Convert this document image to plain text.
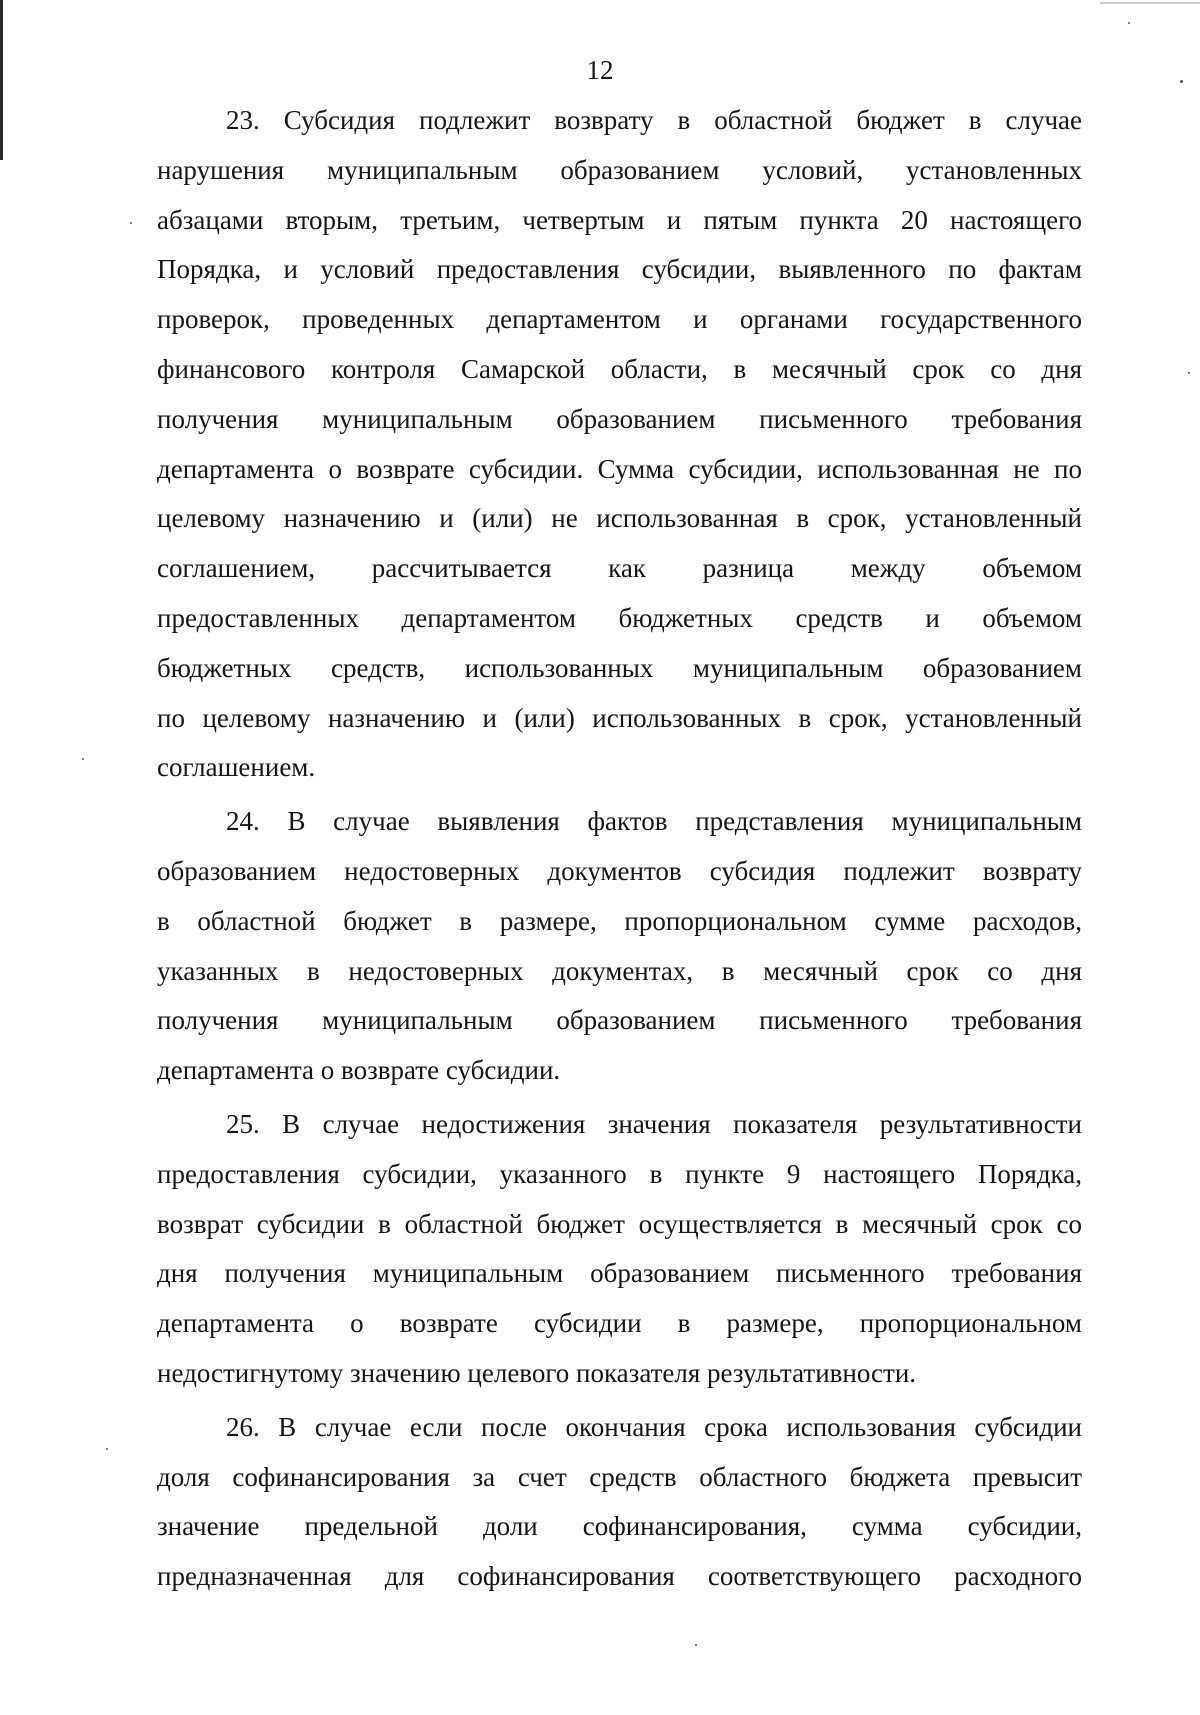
12
23. Субсидия подлежит возврату в областной бюджет в случае
нарушения муниципальным образованием условий, установленных
абзацами вторым, третьим, четвертым и пятым пункта 20 настоящего
Порядка, и условий предоставления субсидии, выявленного по фактам
проверок, проведенных департаментом и органами государственного
финансового контроля Самарской области, в месячный срок со дня
получения муниципальным образованием письменного требования
департамента о возврате субсидии. Сумма субсидии, использованная не по
целевому назначению и (или) не использованная в срок, установленный
соглашением, рассчитывается как разница между объемом
предоставленных департаментом бюджетных средств и объемом
бюджетных средств, использованных муниципальным образованием
по целевому назначению и (или) использованных в срок, установленный
соглашением.
24. В случае выявления фактов представления муниципальным
образованием недостоверных документов субсидия подлежит возврату
в областной бюджет в размере, пропорциональном сумме расходов,
указанных в недостоверных документах, в месячный срок со дня
получения муниципальным образованием письменного требования
департамента о возврате субсидии.
25. В случае недостижения значения показателя результативности
предоставления субсидии, указанного в пункте 9 настоящего Порядка,
возврат субсидии в областной бюджет осуществляется в месячный срок со
дня получения муниципальным образованием письменного требования
департамента о возврате субсидии в размере, пропорциональном
недостигнутому значению целевого показателя результативности.
26. В случае если после окончания срока использования субсидии
доля софинансирования за счет средств областного бюджета превысит
значение предельной доли софинансирования, сумма субсидии,
предназначенная для софинансирования соответствующего расходного
